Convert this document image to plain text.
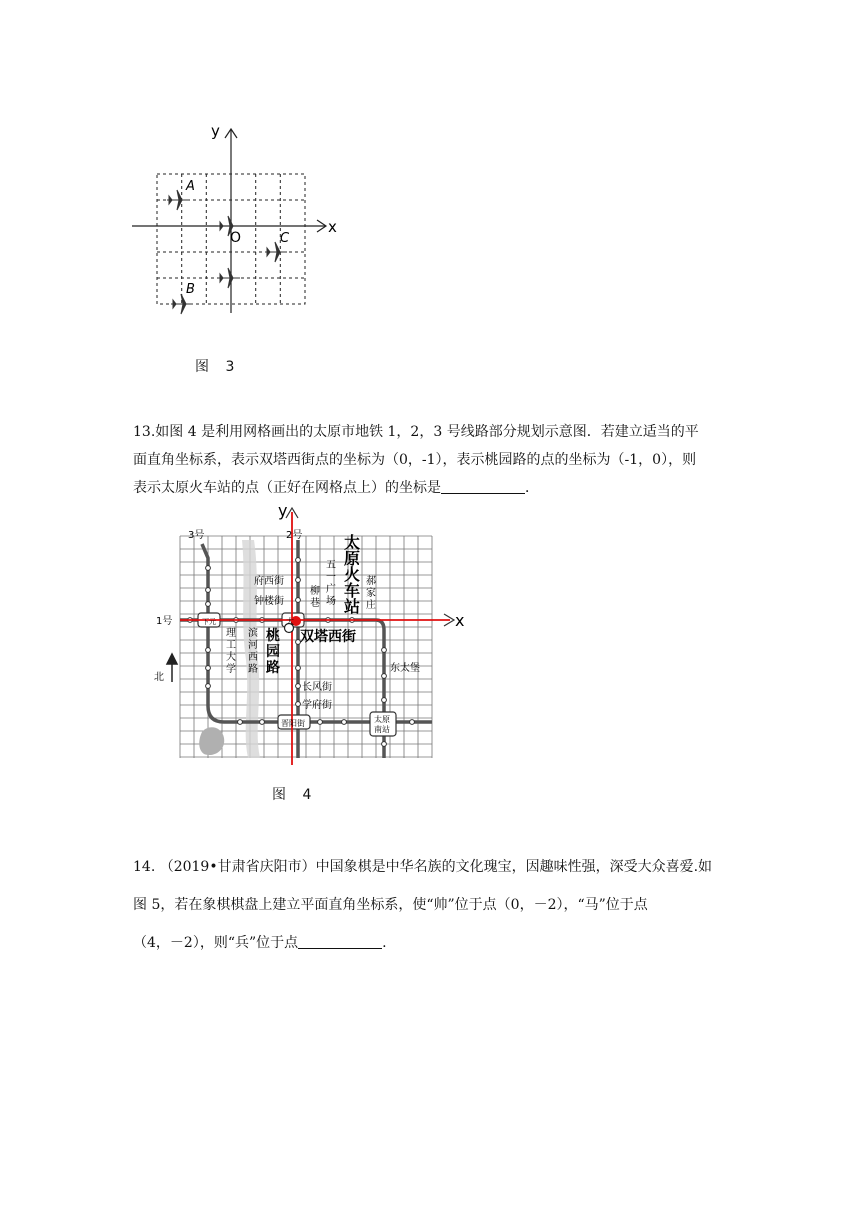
x
y
O
A
C
B
图 3
13.如图 4 是利用网格画出的太原市地铁 1，2，3 号线路部分规划示意图．若建立适当的平
面直角坐标系，表示双塔西街点的坐标为（0，-1），表示桃园路的点的坐标为（-1，0），则
表示太原火车站的点（正好在网格点上）的坐标是	．
x
y
3号	2号
1号
府西街
钟楼街
下元	大
晋阳街	太原
南站
双塔西街
东太堡
长风街
学府街
太
原
火
车
站
五
一
广
场
柳
巷
郝
家
庄
理
工
大
学
滨
河
西
路
桃
园
路
北
图 4
14. （2019•甘肃省庆阳市）中国象棋是中华名族的文化瑰宝，因趣味性强，深受大众喜爱.如
图 5，若在象棋棋盘上建立平面直角坐标系，使“帅”位于点（0，－2），“马”位于点
（4，－2），则“兵”位于点	.
